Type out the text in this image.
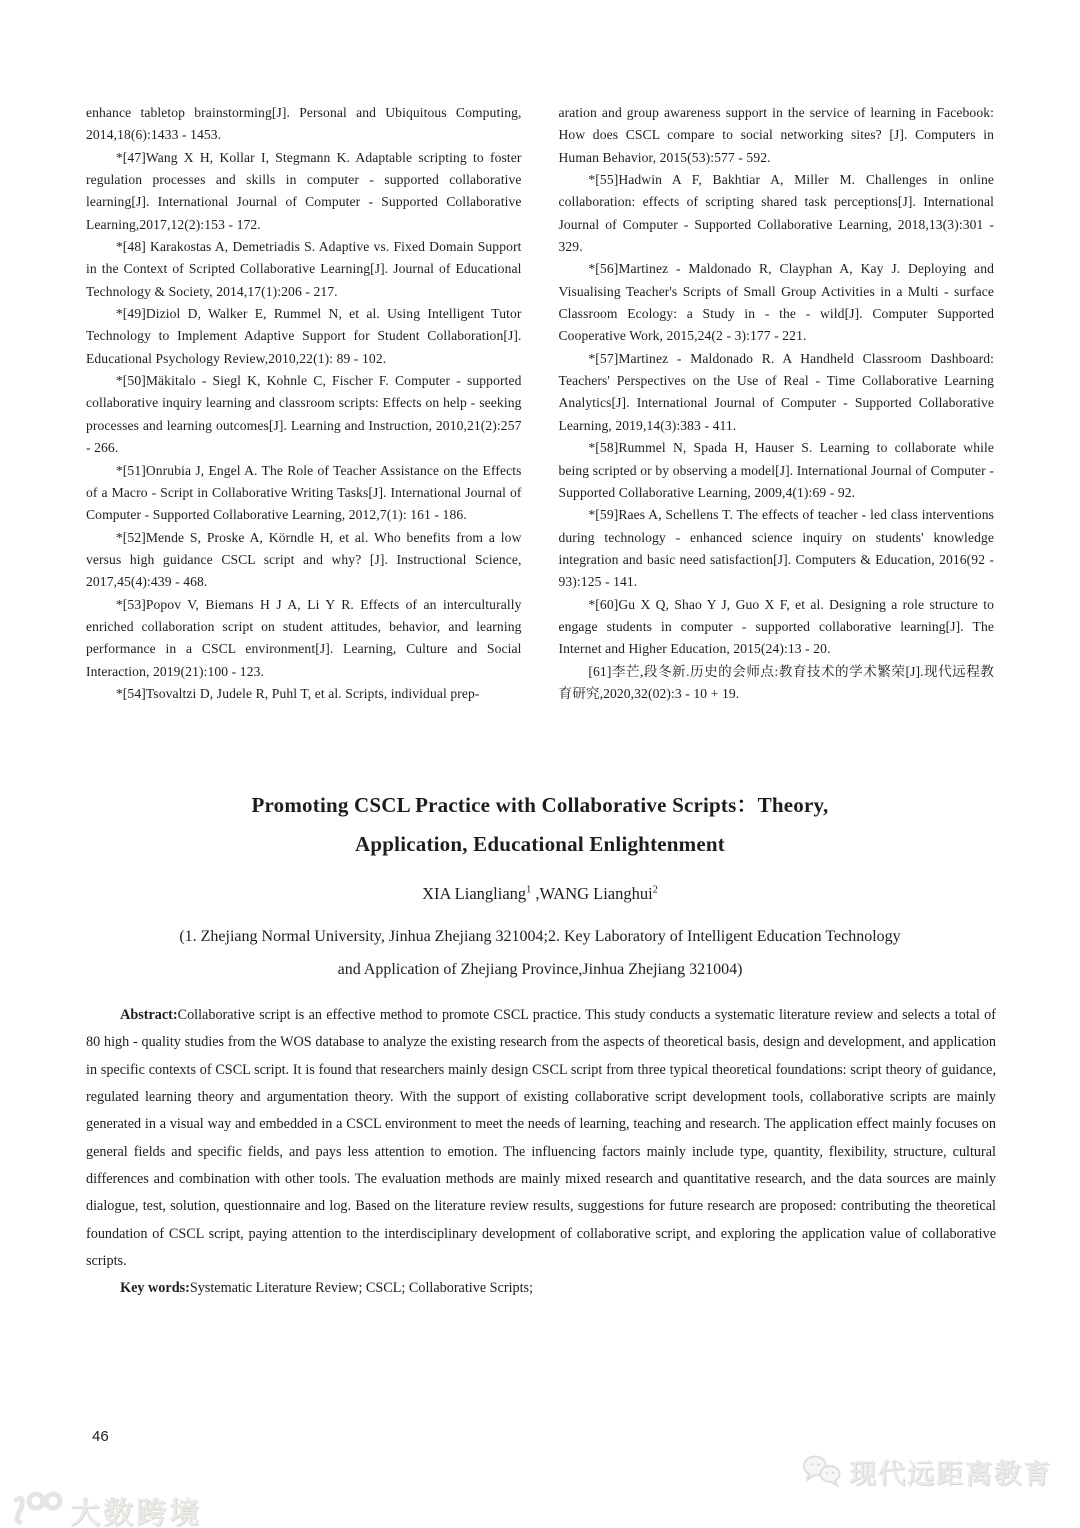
enhance tabletop brainstorming[J]. Personal and Ubiquitous Computing, 2014,18(6):1433 - 1453.

*[47]Wang X H, Kollar I, Stegmann K. Adaptable scripting to foster regulation processes and skills in computer - supported collaborative learning[J]. International Journal of Computer - Supported Collaborative Learning,2017,12(2):153 - 172.

*[48] Karakostas A, Demetriadis S. Adaptive vs. Fixed Domain Support in the Context of Scripted Collaborative Learning[J]. Journal of Educational Technology & Society, 2014,17(1):206 - 217.

*[49]Diziol D, Walker E, Rummel N, et al. Using Intelligent Tutor Technology to Implement Adaptive Support for Student Collaboration[J]. Educational Psychology Review,2010,22(1): 89 - 102.

*[50]Mäkitalo - Siegl K, Kohnle C, Fischer F. Computer - supported collaborative inquiry learning and classroom scripts: Effects on help - seeking processes and learning outcomes[J]. Learning and Instruction, 2010,21(2):257 - 266.

*[51]Onrubia J, Engel A. The Role of Teacher Assistance on the Effects of a Macro - Script in Collaborative Writing Tasks[J]. International Journal of Computer - Supported Collaborative Learning, 2012,7(1): 161 - 186.

*[52]Mende S, Proske A, Körndle H, et al. Who benefits from a low versus high guidance CSCL script and why? [J]. Instructional Science, 2017,45(4):439 - 468.

*[53]Popov V, Biemans H J A, Li Y R. Effects of an interculturally enriched collaboration script on student attitudes, behavior, and learning performance in a CSCL environment[J]. Learning, Culture and Social Interaction, 2019(21):100 - 123.

*[54]Tsovaltzi D, Judele R, Puhl T, et al. Scripts, individual prep-

aration and group awareness support in the service of learning in Facebook: How does CSCL compare to social networking sites? [J]. Computers in Human Behavior, 2015(53):577 - 592.

*[55]Hadwin A F, Bakhtiar A, Miller M. Challenges in online collaboration: effects of scripting shared task perceptions[J]. International Journal of Computer - Supported Collaborative Learning, 2018,13(3):301 - 329.

*[56]Martinez - Maldonado R, Clayphan A, Kay J. Deploying and Visualising Teacher's Scripts of Small Group Activities in a Multi - surface Classroom Ecology: a Study in - the - wild[J]. Computer Supported Cooperative Work, 2015,24(2 - 3):177 - 221.

*[57]Martinez - Maldonado R. A Handheld Classroom Dashboard: Teachers' Perspectives on the Use of Real - Time Collaborative Learning Analytics[J]. International Journal of Computer - Supported Collaborative Learning, 2019,14(3):383 - 411.

*[58]Rummel N, Spada H, Hauser S. Learning to collaborate while being scripted or by observing a model[J]. International Journal of Computer - Supported Collaborative Learning, 2009,4(1):69 - 92.

*[59]Raes A, Schellens T. The effects of teacher - led class interventions during technology - enhanced science inquiry on students' knowledge integration and basic need satisfaction[J]. Computers & Education, 2016(92 - 93):125 - 141.

*[60]Gu X Q, Shao Y J, Guo X F, et al. Designing a role structure to engage students in computer - supported collaborative learning[J]. The Internet and Higher Education, 2015(24):13 - 20.

[61]李芒,段冬新.历史的会师点:教育技术的学术繁荣[J].现代远程教育研究,2020,32(02):3 - 10 + 19.

Promoting CSCL Practice with Collaborative Scripts：Theory,
Application, Educational Enlightenment
XIA Liangliang$^1$ ,WANG Lianghui$^2$
(1. Zhejiang Normal University, Jinhua Zhejiang 321004;2. Key Laboratory of Intelligent Education Technology
and Application of Zhejiang Province,Jinhua Zhejiang 321004)

Abstract:Collaborative script is an effective method to promote CSCL practice. This study conducts a systematic literature review and selects a total of 80 high - quality studies from the WOS database to analyze the existing research from the aspects of theoretical basis, design and development, and application in specific contexts of CSCL script. It is found that researchers mainly design CSCL script from three typical theoretical foundations: script theory of guidance, regulated learning theory and argumentation theory. With the support of existing collaborative script development tools, collaborative scripts are mainly generated in a visual way and embedded in a CSCL environment to meet the needs of learning, teaching and research. The application effect mainly focuses on general fields and specific fields, and pays less attention to emotion. The influencing factors mainly include type, quantity, flexibility, structure, cultural differences and combination with other tools. The evaluation methods are mainly mixed research and quantitative research, and the data sources are mainly dialogue, test, solution, questionnaire and log. Based on the literature review results, suggestions for future research are proposed: contributing the theoretical foundation of CSCL script, paying attention to the interdisciplinary development of collaborative script, and exploring the application value of collaborative scripts.

Key words:Systematic Literature Review; CSCL; Collaborative Scripts;

46
大数跨境
现代远距离教育
